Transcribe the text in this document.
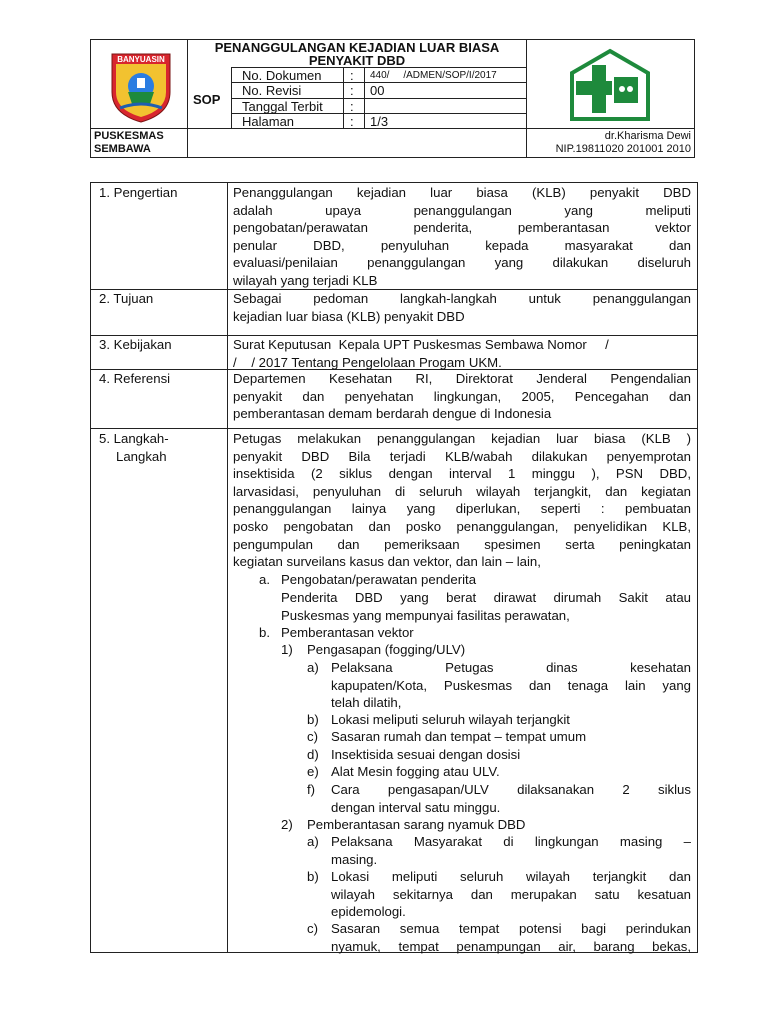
BANYUASIN
PENANGGULANGAN KEJADIAN LUAR BIASA
PENYAKIT DBD
SOP
No. Dokumen : 440/     /ADMEN/SOP/I/2017
No. Revisi	: 00
Tanggal Terbit :
Halaman	: 1/3
PUSKESMAS
SEMBAWA
dr.Kharisma Dewi
NIP.19811020 201001 2010
1. Pengertian	Penanggulangan kejadian luar biasa (KLB) penyakit DBD
adalah upaya penanggulangan yang meliputi
pengobatan/perawatan penderita, pemberantasan vektor
penular DBD, penyuluhan kepada masyarakat dan
evaluasi/penilaian penanggulangan yang dilakukan diseluruh
wilayah yang terjadi KLB
2. Tujuan	Sebagai pedoman langkah-langkah untuk penanggulangan
kejadian luar biasa (KLB) penyakit DBD
3. Kebijakan	Surat Keputusan  Kepala UPT Puskesmas Sembawa Nomor     /
/    / 2017 Tentang Pengelolaan Progam UKM.
4. Referensi	Departemen Kesehatan RI, Direktorat Jenderal Pengendalian
penyakit dan penyehatan lingkungan, 2005, Pencegahan dan
pemberantasan demam berdarah dengue di Indonesia
5. Langkah-
Langkah
Petugas melakukan penanggulangan kejadian luar biasa (KLB )
penyakit DBD Bila terjadi KLB/wabah dilakukan penyemprotan
insektisida (2 siklus dengan interval 1 minggu ), PSN DBD,
larvasidasi, penyuluhan di seluruh wilayah terjangkit, dan kegiatan
penanggulangan lainya yang diperlukan, seperti : pembuatan
posko pengobatan dan posko penanggulangan, penyelidikan KLB,
pengumpulan dan pemeriksaan spesimen serta peningkatan
kegiatan surveilans kasus dan vektor, dan lain – lain,
a. Pengobatan/perawatan penderita
Penderita DBD yang berat dirawat dirumah Sakit atau
Puskesmas yang mempunyai fasilitas perawatan,
b. Pemberantasan vektor
1) Pengasapan (fogging/ULV)
a) Pelaksana Petugas dinas kesehatan
kapupaten/Kota, Puskesmas dan tenaga lain yang
telah dilatih,
b) Lokasi meliputi seluruh wilayah terjangkit
c) Sasaran rumah dan tempat – tempat umum
d) Insektisida sesuai dengan dosisi
e) Alat Mesin fogging atau ULV.
f) Cara pengasapan/ULV dilaksanakan 2 siklus
dengan interval satu minggu.
2) Pemberantasan sarang nyamuk DBD
a) Pelaksana Masyarakat di lingkungan masing –
masing.
b) Lokasi meliputi seluruh wilayah terjangkit dan
wilayah sekitarnya dan merupakan satu kesatuan
epidemologi.
c) Sasaran semua tempat potensi bagi perindukan
nyamuk, tempat penampungan air, barang bekas,
